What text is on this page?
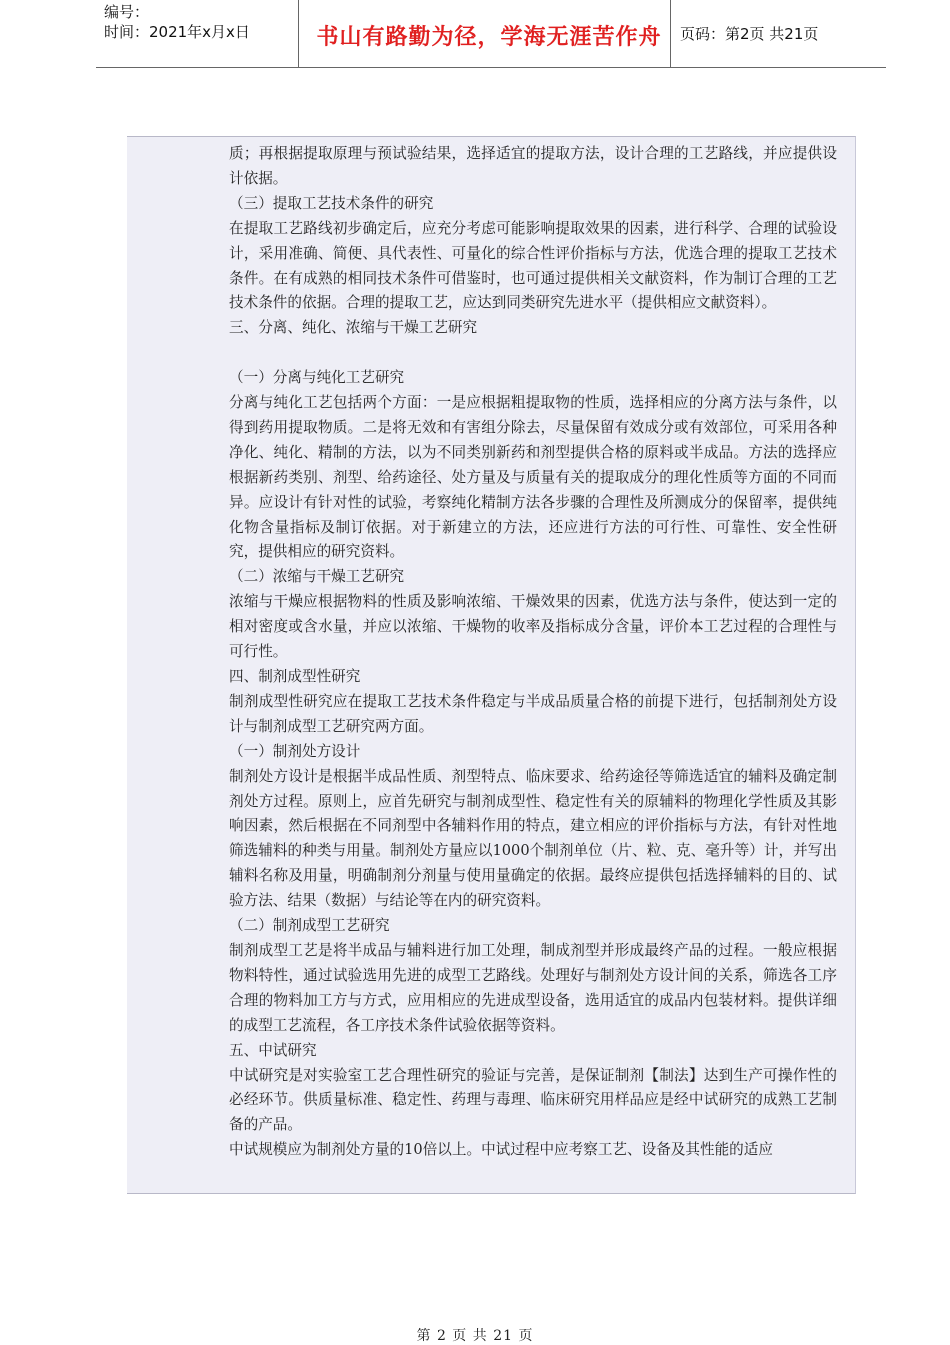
编号：
时间：2021年x月x日	书山有路勤为径，学海无涯苦作舟	页码：第2页 共21页

质；再根据提取原理与预试验结果，选择适宜的提取方法，设计合理的工艺路线，并应提供设计依据。

（三）提取工艺技术条件的研究

在提取工艺路线初步确定后，应充分考虑可能影响提取效果的因素，进行科学、合理的试验设计，采用准确、简便、具代表性、可量化的综合性评价指标与方法，优选合理的提取工艺技术条件。在有成熟的相同技术条件可借鉴时，也可通过提供相关文献资料，作为制订合理的工艺技术条件的依据。合理的提取工艺，应达到同类研究先进水平（提供相应文献资料）。

三、分离、纯化、浓缩与干燥工艺研究

（一）分离与纯化工艺研究

分离与纯化工艺包括两个方面：一是应根据粗提取物的性质，选择相应的分离方法与条件，以得到药用提取物质。二是将无效和有害组分除去，尽量保留有效成分或有效部位，可采用各种净化、纯化、精制的方法，以为不同类别新药和剂型提供合格的原料或半成品。方法的选择应根据新药类别、剂型、给药途径、处方量及与质量有关的提取成分的理化性质等方面的不同而异。应设计有针对性的试验，考察纯化精制方法各步骤的合理性及所测成分的保留率，提供纯化物含量指标及制订依据。对于新建立的方法，还应进行方法的可行性、可靠性、安全性研究，提供相应的研究资料。

（二）浓缩与干燥工艺研究

浓缩与干燥应根据物料的性质及影响浓缩、干燥效果的因素，优选方法与条件，使达到一定的相对密度或含水量，并应以浓缩、干燥物的收率及指标成分含量，评价本工艺过程的合理性与可行性。

四、制剂成型性研究

制剂成型性研究应在提取工艺技术条件稳定与半成品质量合格的前提下进行，包括制剂处方设计与制剂成型工艺研究两方面。

（一）制剂处方设计

制剂处方设计是根据半成品性质、剂型特点、临床要求、给药途径等筛选适宜的辅料及确定制剂处方过程。原则上，应首先研究与制剂成型性、稳定性有关的原辅料的物理化学性质及其影响因素，然后根据在不同剂型中各辅料作用的特点，建立相应的评价指标与方法，有针对性地筛选辅料的种类与用量。制剂处方量应以1000个制剂单位（片、粒、克、毫升等）计，并写出辅料名称及用量，明确制剂分剂量与使用量确定的依据。最终应提供包括选择辅料的目的、试验方法、结果（数据）与结论等在内的研究资料。

（二）制剂成型工艺研究

制剂成型工艺是将半成品与辅料进行加工处理，制成剂型并形成最终产品的过程。一般应根据物料特性，通过试验选用先进的成型工艺路线。处理好与制剂处方设计间的关系，筛选各工序合理的物料加工方与方式，应用相应的先进成型设备，选用适宜的成品内包装材料。提供详细的成型工艺流程，各工序技术条件试验依据等资料。

五、中试研究

中试研究是对实验室工艺合理性研究的验证与完善，是保证制剂【制法】达到生产可操作性的必经环节。供质量标准、稳定性、药理与毒理、临床研究用样品应是经中试研究的成熟工艺制备的产品。

中试规模应为制剂处方量的10倍以上。中试过程中应考察工艺、设备及其性能的适应

第 2 页 共 21 页
